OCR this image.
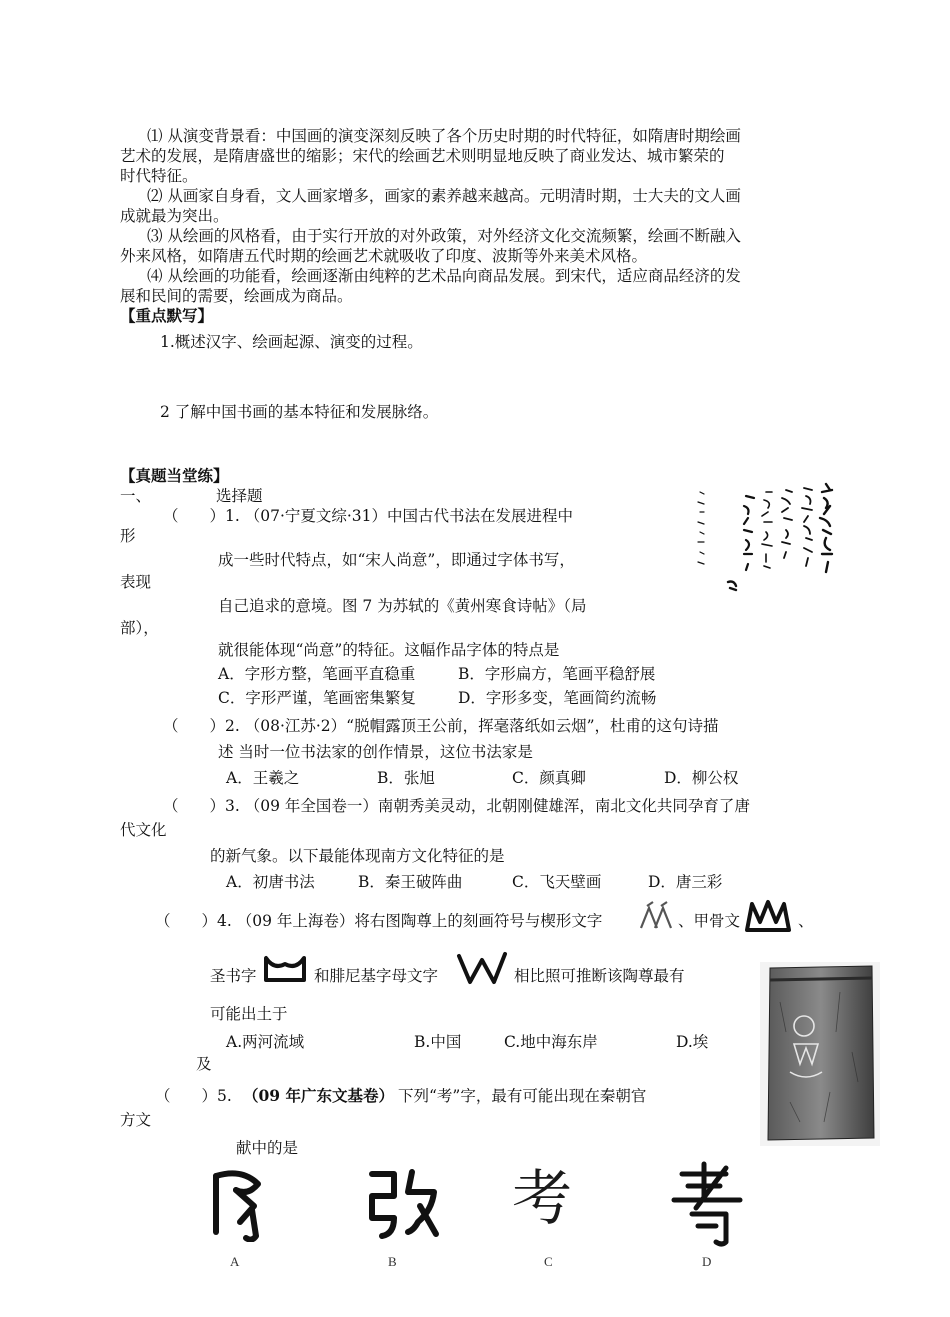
⑴ 从演变背景看：中国画的演变深刻反映了各个历史时期的时代特征，如隋唐时期绘画
艺术的发展，是隋唐盛世的缩影；宋代的绘画艺术则明显地反映了商业发达、城市繁荣的
时代特征。
⑵ 从画家自身看，文人画家增多，画家的素养越来越高。元明清时期，士大夫的文人画
成就最为突出。
⑶ 从绘画的风格看，由于实行开放的对外政策，对外经济文化交流频繁，绘画不断融入
外来风格，如隋唐五代时期的绘画艺术就吸收了印度、波斯等外来美术风格。
⑷ 从绘画的功能看，绘画逐渐由纯粹的艺术品向商品发展。到宋代，适应商品经济的发
展和民间的需要，绘画成为商品。
【重点默写】
1.概述汉字、绘画起源、演变的过程。
2 了解中国书画的基本特征和发展脉络。
【真题当堂练】
一、	选择题
（　　）1. （07·宁夏文综·31）中国古代书法在发展进程中
形
成一些时代特点，如“宋人尚意”，即通过字体书写，
表现
自己追求的意境。图 7 为苏轼的《黄州寒食诗帖》（局
部），
就很能体现“尚意”的特征。这幅作品字体的特点是
A．字形方整，笔画平直稳重	B．字形扁方，笔画平稳舒展
C．字形严谨，笔画密集繁复	D．字形多变，笔画简约流畅
（　　）2. （08·江苏·2）“脱帽露顶王公前，挥毫落纸如云烟”，杜甫的这句诗描
述 当时一位书法家的创作情景，这位书法家是
A．王羲之	B．张旭	C．颜真卿	D．柳公权
（　　）3. （09 年全国卷一）南朝秀美灵动，北朝刚健雄浑，南北文化共同孕育了唐
代文化
的新气象。以下最能体现南方文化特征的是
A．初唐书法	B．秦王破阵曲	C．飞天壁画	D．唐三彩
（　　）4. （09 年上海卷）将右图陶尊上的刻画符号与楔形文字	、甲骨文	、
圣书字	和腓尼基字母文字	相比照可推断该陶尊最有
可能出土于
A.两河流域	B.中国	C.地中海东岸	D.埃
及
（　　）5. （09 年广东文基卷） 下列“考”字，最有可能出现在秦朝官
方文
献中的是
考
A	B	C	D
